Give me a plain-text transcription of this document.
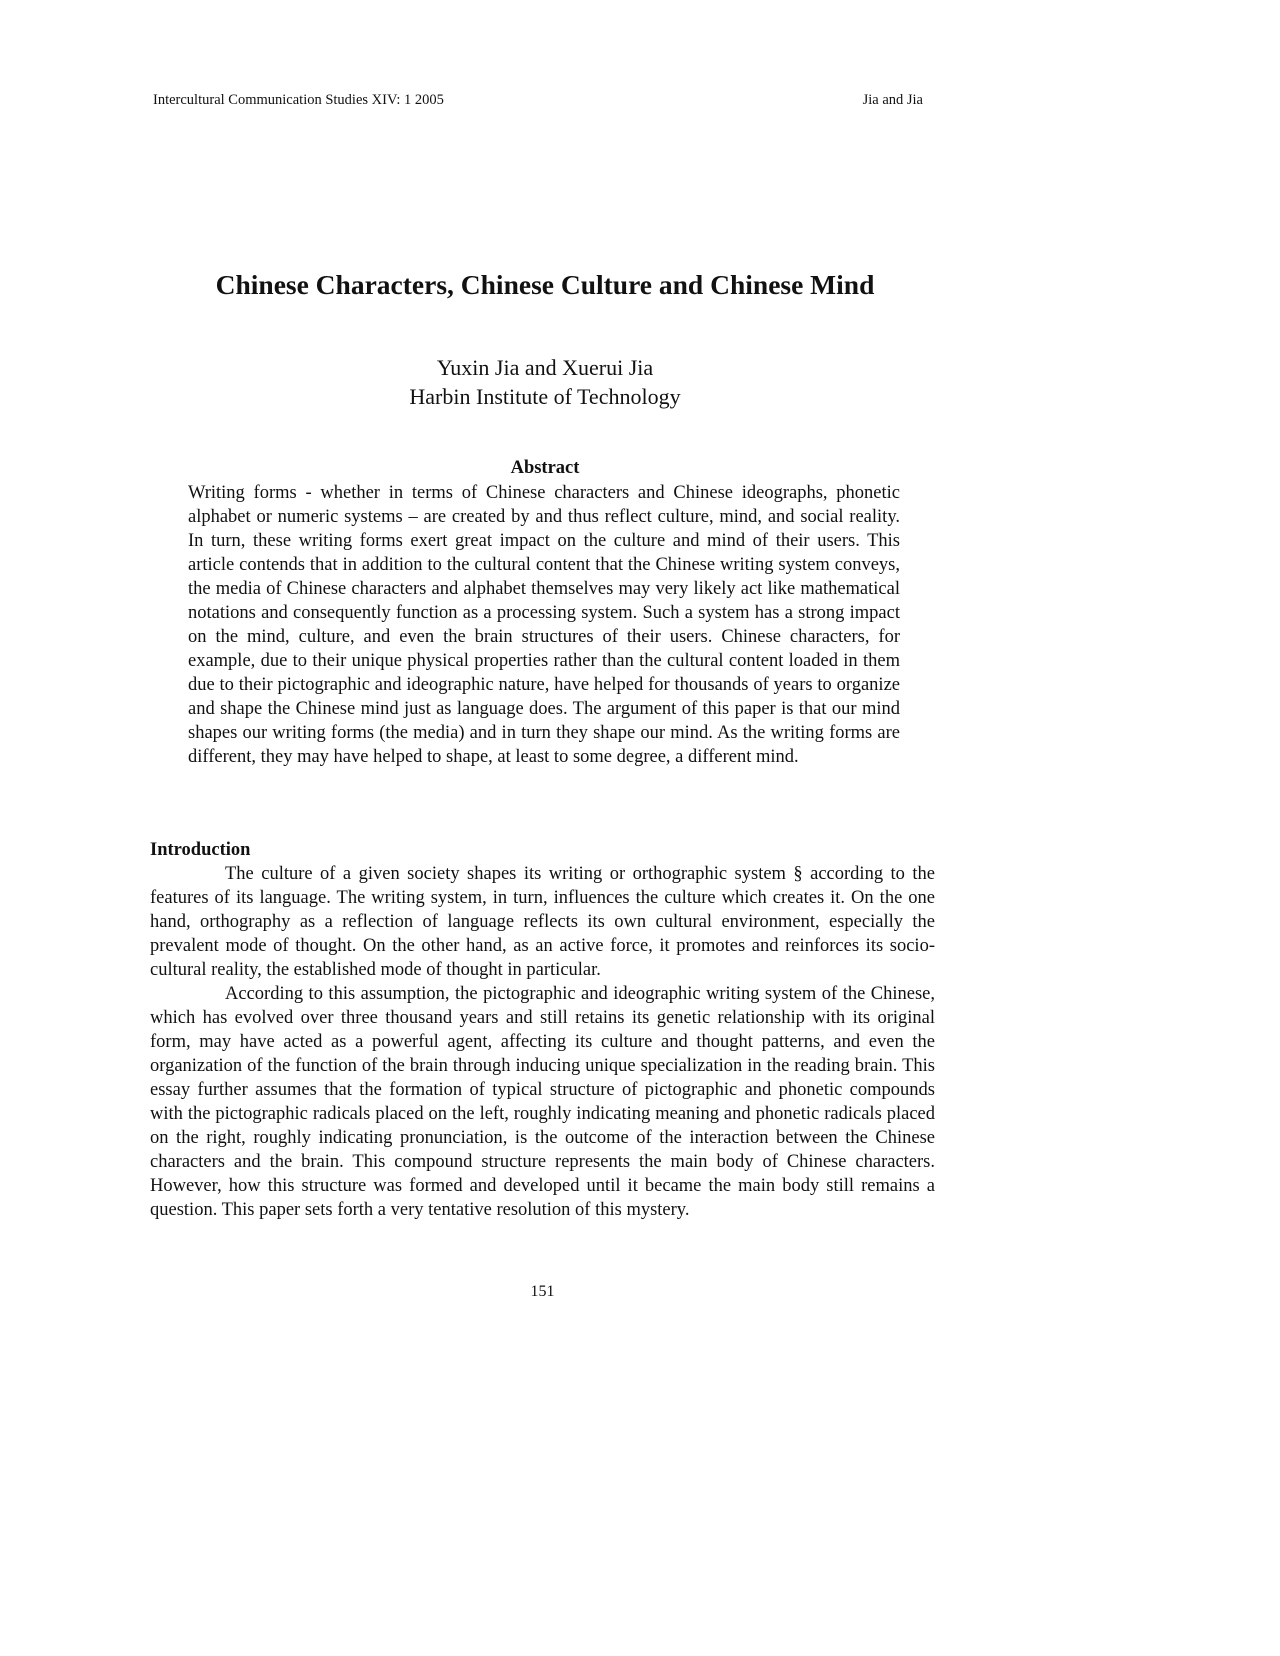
Intercultural Communication Studies XIV: 1 2005	Jia and Jia
Chinese Characters, Chinese Culture and Chinese Mind
Yuxin Jia and Xuerui Jia
Harbin Institute of Technology
Abstract

Writing forms - whether in terms of Chinese characters and Chinese ideographs, phonetic alphabet or numeric systems – are created by and thus reflect culture, mind, and social reality. In turn, these writing forms exert great impact on the culture and mind of their users. This article contends that in addition to the cultural content that the Chinese writing system conveys, the media of Chinese characters and alphabet themselves may very likely act like mathematical notations and consequently function as a processing system. Such a system has a strong impact on the mind, culture, and even the brain structures of their users. Chinese characters, for example, due to their unique physical properties rather than the cultural content loaded in them due to their pictographic and ideographic nature, have helped for thousands of years to organize and shape the Chinese mind just as language does. The argument of this paper is that our mind shapes our writing forms (the media) and in turn they shape our mind. As the writing forms are different, they may have helped to shape, at least to some degree, a different mind.

Introduction

The culture of a given society shapes its writing or orthographic system § according to the features of its language. The writing system, in turn, influences the culture which creates it. On the one hand, orthography as a reflection of language reflects its own cultural environment, especially the prevalent mode of thought. On the other hand, as an active force, it promotes and reinforces its socio-cultural reality, the established mode of thought in particular.

According to this assumption, the pictographic and ideographic writing system of the Chinese, which has evolved over three thousand years and still retains its genetic relationship with its original form, may have acted as a powerful agent, affecting its culture and thought patterns, and even the organization of the function of the brain through inducing unique specialization in the reading brain. This essay further assumes that the formation of typical structure of pictographic and phonetic compounds with the pictographic radicals placed on the left, roughly indicating meaning and phonetic radicals placed on the right, roughly indicating pronunciation, is the outcome of the interaction between the Chinese characters and the brain. This compound structure represents the main body of Chinese characters. However, how this structure was formed and developed until it became the main body still remains a question. This paper sets forth a very tentative resolution of this mystery.

151
